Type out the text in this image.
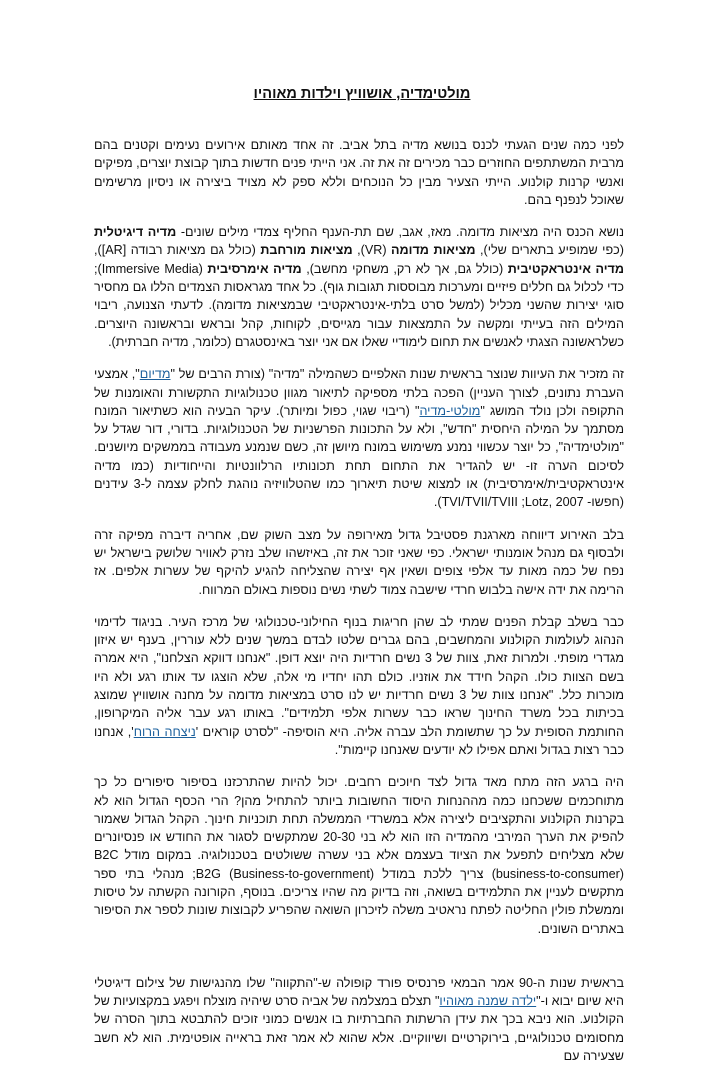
מולטימדיה, אושוויץ וילדות מאוהיו

לפני כמה שנים הגעתי לכנס בנושא מדיה בתל אביב. זה אחד מאותם אירועים נעימים וקטנים בהם מרבית המשתתפים החוזרים כבר מכירים זה את זה. אני הייתי פנים חדשות בתוך קבוצת יוצרים, מפיקים ואנשי קרנות קולנוע. הייתי הצעיר מבין כל הנוכחים וללא ספק לא מצויד ביצירה או ניסיון מרשימים שאוכל לנפנף בהם.

נושא הכנס היה מציאות מדומה. מאז, אגב, שם תת-הענף החליף צמדי מילים שונים- מדיה דיגיטלית (כפי שמופיע בתארים שלי), מציאות מדומה (VR), מציאות מורחבת (כולל גם מציאות רבודה [AR]), מדיה אינטראקטיבית (כולל גם, אך לא רק, משחקי מחשב), מדיה אימרסיבית (Immersive Media); כדי לכלול גם חללים פיזיים ומערכות מבוססות תגובות גוף). כל אחד מגראסות הצמדים הללו גם מחסיר סוגי יצירות שהשני מכליל (למשל סרט בלתי-אינטראקטיבי שבמציאות מדומה). לדעתי הצנועה, ריבוי המילים הזה בעייתי ומקשה על התמצאות עבור מגייסים, לקוחות, קהל ובראש ובראשונה היוצרים. כשלראשונה הצגתי לאנשים את תחום לימודיי שאלו אם אני יוצר באינסטגרם (כלומר, מדיה חברתית).

זה מזכיר את העיוות שנוצר בראשית שנות האלפיים כשהמילה "מדיה" (צורת הרבים של "מדיום", אמצעי העברת נתונים, לצורך העניין) הפכה בלתי מספיקה לתיאור מגוון טכנולוגיות התקשורת והאומנות של התקופה ולכן נולד המושג "מולטי-מדיה" (ריבוי שגוי, כפול ומיותר). עיקר הבעיה הוא כשתיאור המונח מסתמך על המילה היחסית "חדש", ולא על התכונות הפרשניות של הטכנולוגיות. בדורי, דור שגדל על "מולטימדיה", כל יוצר עכשווי נמנע משימוש במונח מיושן זה, כשם שנמנע מעבודה בממשקים מיושנים. לסיכום הערה זו- יש להגדיר את התחום תחת תכונותיו הרלוונטיות והייחודיות (כמו מדיה אינטראקטיבית/אימרסיבית) או למצוא שיטת תיארוך כמו שהטלוויזיה נוהגת לחלק עצמה ל-3 עידנים (חפשו- TVI/TVII/TVIII ;Lotz, 2007).

בלב האירוע דיווחה מארגנת פסטיבל גדול מאירופה על מצב השוק שם, אחריה דיברה מפיקה זרה ולבסוף גם מנהל אומנותי ישראלי. כפי שאני זוכר את זה, באיזשהו שלב נזרק לאוויר שלושק בישראל יש נפח של כמה מאות עד אלפי צופים ושאין אף יצירה שהצליחה להגיע להיקף של עשרות אלפים. אז הרימה את ידה אישה בלבוש חרדי שישבה צמוד לשתי נשים נוספות באולם המרווח.

כבר בשלב קבלת הפנים שמתי לב שהן חריגות בנוף החילוני-טכנולוגי של מרכז העיר. בניגוד לדימוי הנהוג לעולמות הקולנוע והמחשבים, בהם גברים שלטו לבדם במשך שנים ללא עוררין, בענף יש איזון מגדרי מופתי. ולמרות זאת, צוות של 3 נשים חרדיות היה יוצא דופן. "אנחנו דווקא הצלחנו", היא אמרה בשם הצוות כולו. הקהל חידד את אוזניו. כולם תהו יחדיו מי אלה, שלא הוצגו עד אותו רגע ולא היו מוכרות כלל. "אנחנו צוות של 3 נשים חרדיות יש לנו סרט במציאות מדומה על מחנה אושוויץ שמוצג בכיתות בכל משרד החינוך שראו כבר עשרות אלפי תלמידים". באותו רגע עבר אליה המיקרופון, החותמת הסופית על כך שתשומת הלב עברה אליה. היא הוסיפה- "לסרט קוראים 'ניצחה הרוח', אנחנו כבר רצות בגדול ואתם אפילו לא יודעים שאנחנו קיימות".

היה ברגע הזה מתח מאד גדול לצד חיוכים רחבים. יכול להיות שהתרכזנו בסיפור סיפורים כל כך מתוחכמים ששכחנו כמה מההנחות היסוד החשובות ביותר להתחיל מהן? הרי הכסף הגדול הוא לא בקרנות הקולנוע והתקציבים ליצירה אלא במשרדי הממשלה תחת תוכניות חינוך. הקהל הגדול שאמור להפיק את הערך המירבי מהמדיה הזו הוא לא בני 20-30 שמתקשים לסגור את החודש או פנסיונרים שלא מצליחים לתפעל את הציוד בעצמם אלא בני עשרה ששולטים בטכנולוגיה. במקום מודל B2C (business-to-consumer) צריך ללכת במודל B2G (Business-to-government); מנהלי בתי ספר מתקשים לעניין את התלמידים בשואה, וזה בדיוק מה שהיו צריכים. בנוסף, הקורונה הקשתה על טיסות וממשלת פולין החליטה לפתח נראטיב משלה לזיכרון השואה שהפריע לקבוצות שונות לספר את הסיפור באתרים השונים.

בראשית שנות ה-90 אמר הבמאי פרנסיס פורד קופולה ש-"התקווה" שלו מהנגישות של צילום דיגיטלי היא שיום יבוא ו-"ילדה שמנה מאוהיו" תצלם במצלמה של אביה סרט שיהיה מוצלח ויפגע במקצועיות של הקולנוע. הוא ניבא בכך את עידן הרשתות החברתיות בו אנשים כמוני זוכים להתבטא בתוך הסרה של מחסומים טכנולוגיים, בירוקרטיים ושיווקיים. אלא שהוא לא אמר זאת בראייה אופטימית. הוא לא חשב שצעירה עם
